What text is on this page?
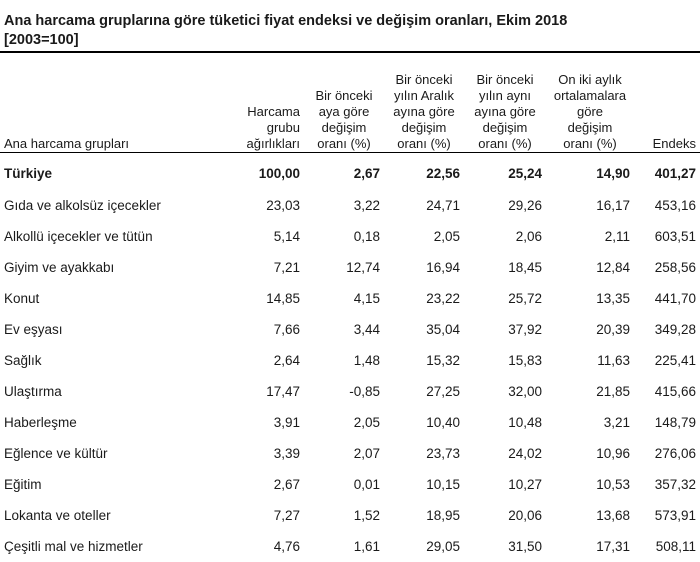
Ana harcama gruplarına göre tüketici fiyat endeksi ve değişim oranları, Ekim 2018
[2003=100]
Ana harcama grupları	Harcama
grubu
ağırlıkları	Bir önceki
aya göre
değişim
oranı (%)	Bir önceki
yılın Aralık
ayına göre
değişim
oranı (%)	Bir önceki
yılın aynı
ayına göre
değişim
oranı (%)	On iki aylık
ortalamalara
göre
değişim
oranı (%)	Endeks

Türkiye	100,00	2,67	22,56	25,24	14,90	401,27
Gıda ve alkolsüz içecekler	23,03	3,22	24,71	29,26	16,17	453,16
Alkollü içecekler ve tütün	5,14	0,18	2,05	2,06	2,11	603,51
Giyim ve ayakkabı	7,21	12,74	16,94	18,45	12,84	258,56
Konut	14,85	4,15	23,22	25,72	13,35	441,70
Ev eşyası	7,66	3,44	35,04	37,92	20,39	349,28
Sağlık	2,64	1,48	15,32	15,83	11,63	225,41
Ulaştırma	17,47	-0,85	27,25	32,00	21,85	415,66
Haberleşme	3,91	2,05	10,40	10,48	3,21	148,79
Eğlence ve kültür	3,39	2,07	23,73	24,02	10,96	276,06
Eğitim	2,67	0,01	10,15	10,27	10,53	357,32
Lokanta ve oteller	7,27	1,52	18,95	20,06	13,68	573,91
Çeşitli mal ve hizmetler	4,76	1,61	29,05	31,50	17,31	508,11
